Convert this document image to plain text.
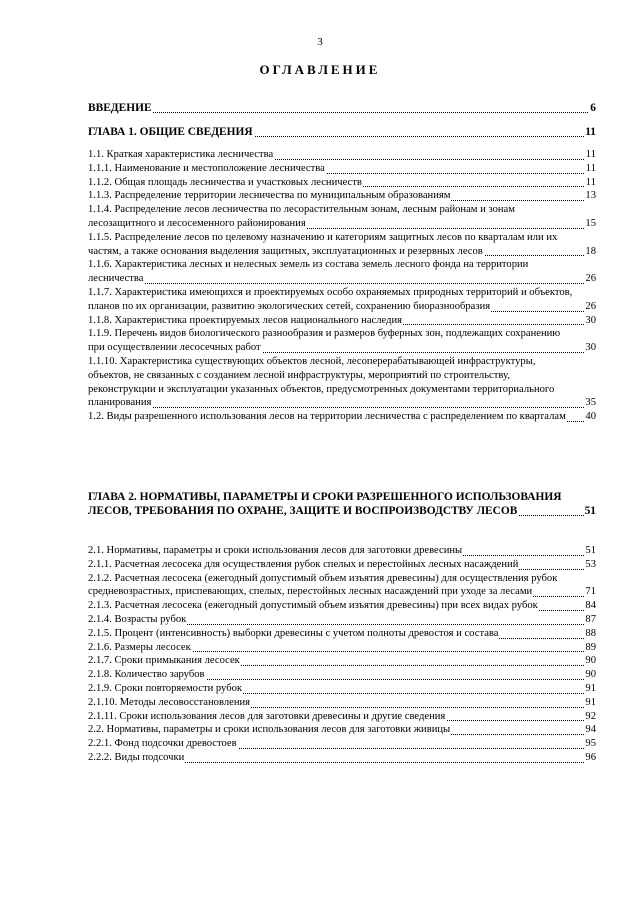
3
ОГЛАВЛЕНИЕ
ВВЕДЕНИЕ	6
ГЛАВА 1. ОБЩИЕ СВЕДЕНИЯ	11
1.1. Краткая характеристика лесничества	11
1.1.1. Наименование и местоположение лесничества	11
1.1.2. Общая площадь лесничества и участковых лесничеств	11
1.1.3. Распределение территории лесничества по муниципальным образованиям	13
1.1.4. Распределение лесов лесничества по лесорастительным зонам, лесным районам и зонам лесозащитного и лесосеменного районирования	15
1.1.5. Распределение лесов по целевому назначению и категориям защитных лесов по кварталам или их частям, а также основания выделения защитных, эксплуатационных и резервных лесов	18
1.1.6. Характеристика лесных и нелесных земель из состава земель лесного фонда на территории лесничества	26
1.1.7. Характеристика имеющихся и проектируемых особо охраняемых природных территорий и объектов, планов по их организации, развитию экологических сетей, сохранению биоразнообразия	26
1.1.8. Характеристика проектируемых лесов национального наследия	30
1.1.9. Перечень видов биологического разнообразия и размеров буферных зон, подлежащих сохранению при осуществлении лесосечных работ	30
1.1.10. Характеристика существующих объектов лесной, лесоперерабатывающей инфраструктуры, объектов, не связанных с созданием лесной инфраструктуры, мероприятий по строительству, реконструкции и эксплуатации указанных объектов, предусмотренных документами территориального планирования	35
1.2. Виды разрешенного использования лесов на территории лесничества с распределением по кварталам	40
ГЛАВА 2. НОРМАТИВЫ, ПАРАМЕТРЫ И СРОКИ РАЗРЕШЕННОГО ИСПОЛЬЗОВАНИЯ ЛЕСОВ, ТРЕБОВАНИЯ ПО ОХРАНЕ, ЗАЩИТЕ И ВОСПРОИЗВОДСТВУ ЛЕСОВ	51
2.1. Нормативы, параметры и сроки использования лесов для заготовки древесины	51
2.1.1. Расчетная лесосека для осуществления рубок спелых и перестойных лесных насаждений	53
2.1.2. Расчетная лесосека (ежегодный допустимый объем изъятия древесины) для осуществления рубок средневозрастных, приспевающих, спелых, перестойных лесных насаждений при уходе за лесами	71
2.1.3. Расчетная лесосека (ежегодный допустимый объем изъятия древесины) при всех видах рубок	84
2.1.4. Возрасты рубок	87
2.1.5. Процент (интенсивность) выборки древесины с учетом полноты древостоя и состава	88
2.1.6. Размеры лесосек	89
2.1.7. Сроки примыкания лесосек	90
2.1.8. Количество зарубов	90
2.1.9. Сроки повторяемости рубок	91
2.1.10. Методы лесовосстановления	91
2.1.11. Сроки использования лесов для заготовки древесины и другие сведения	92
2.2. Нормативы, параметры и сроки использования лесов для заготовки живицы	94
2.2.1. Фонд подсочки древостоев	95
2.2.2. Виды подсочки	96
